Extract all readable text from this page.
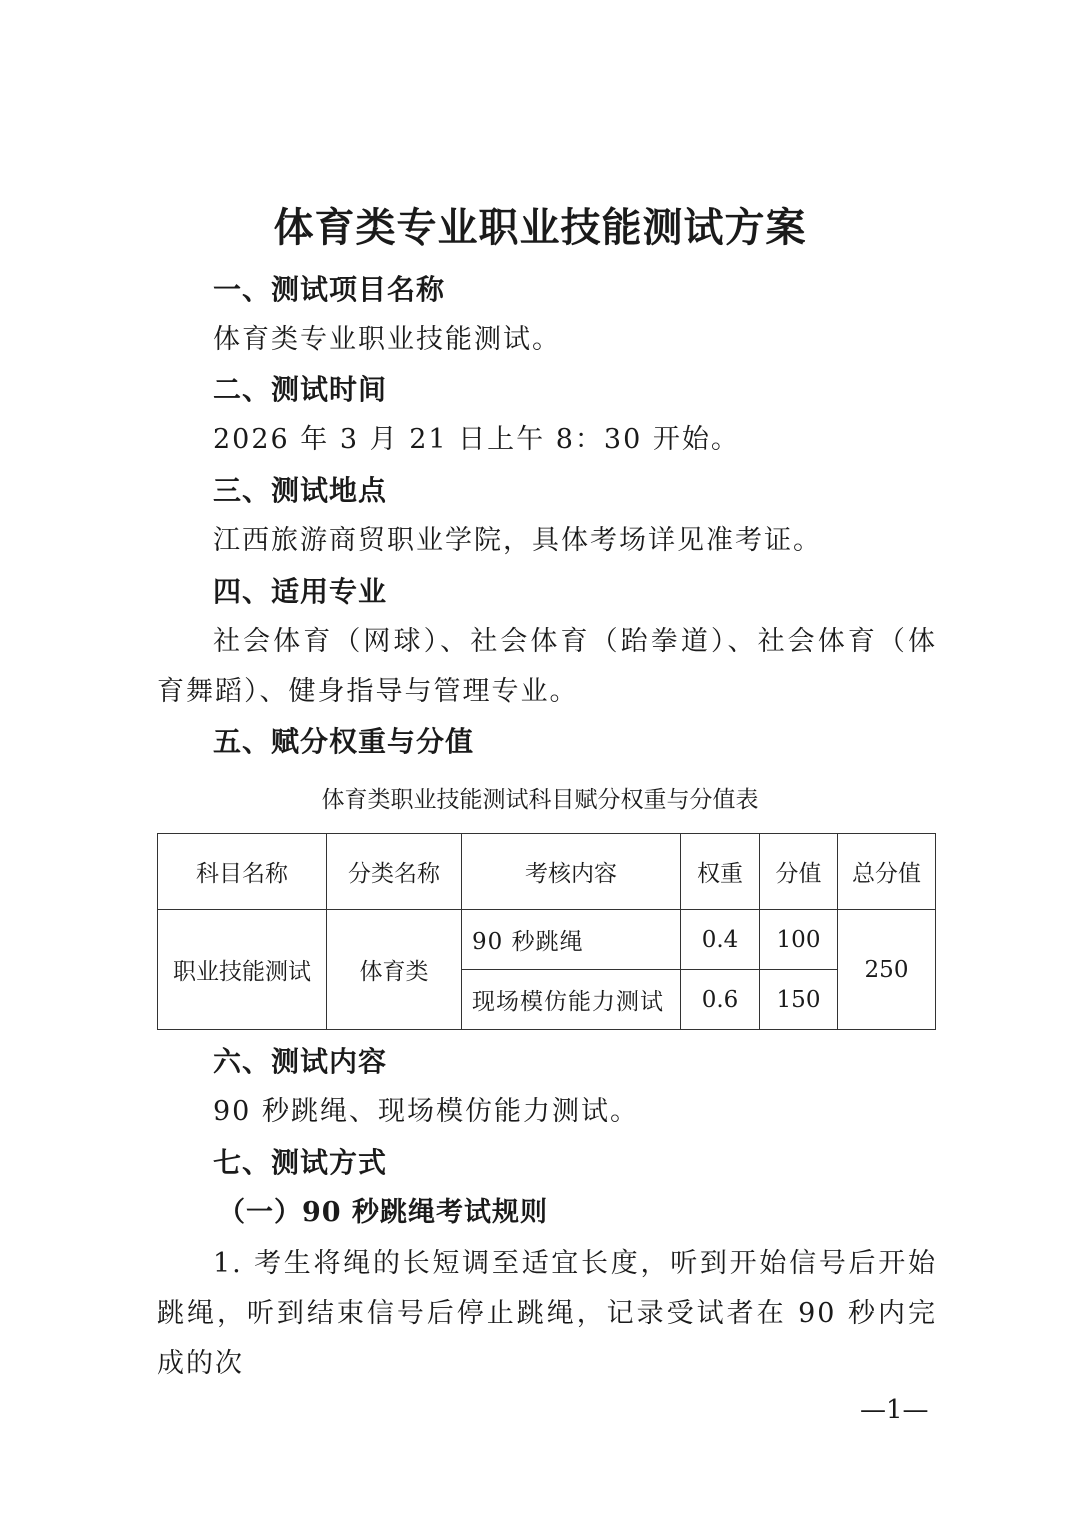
体育类专业职业技能测试方案
一、测试项目名称
体育类专业职业技能测试。
二、测试时间
2026 年 3 月 21 日上午 8：30 开始。
三、测试地点
江西旅游商贸职业学院，具体考场详见准考证。
四、适用专业
社会体育（网球）、社会体育（跆拳道）、社会体育（体育舞蹈）、健身指导与管理专业。
五、赋分权重与分值
体育类职业技能测试科目赋分权重与分值表
科目名称	分类名称	考核内容	权重	分值	总分值
职业技能测试	体育类	90 秒跳绳	0.4	100	250
		现场模仿能力测试	0.6	150	
六、测试内容
90 秒跳绳、现场模仿能力测试。
七、测试方式
（一）90 秒跳绳考试规则
1. 考生将绳的长短调至适宜长度，听到开始信号后开始跳绳，听到结束信号后停止跳绳，记录受试者在 90 秒内完成的次
—1—
